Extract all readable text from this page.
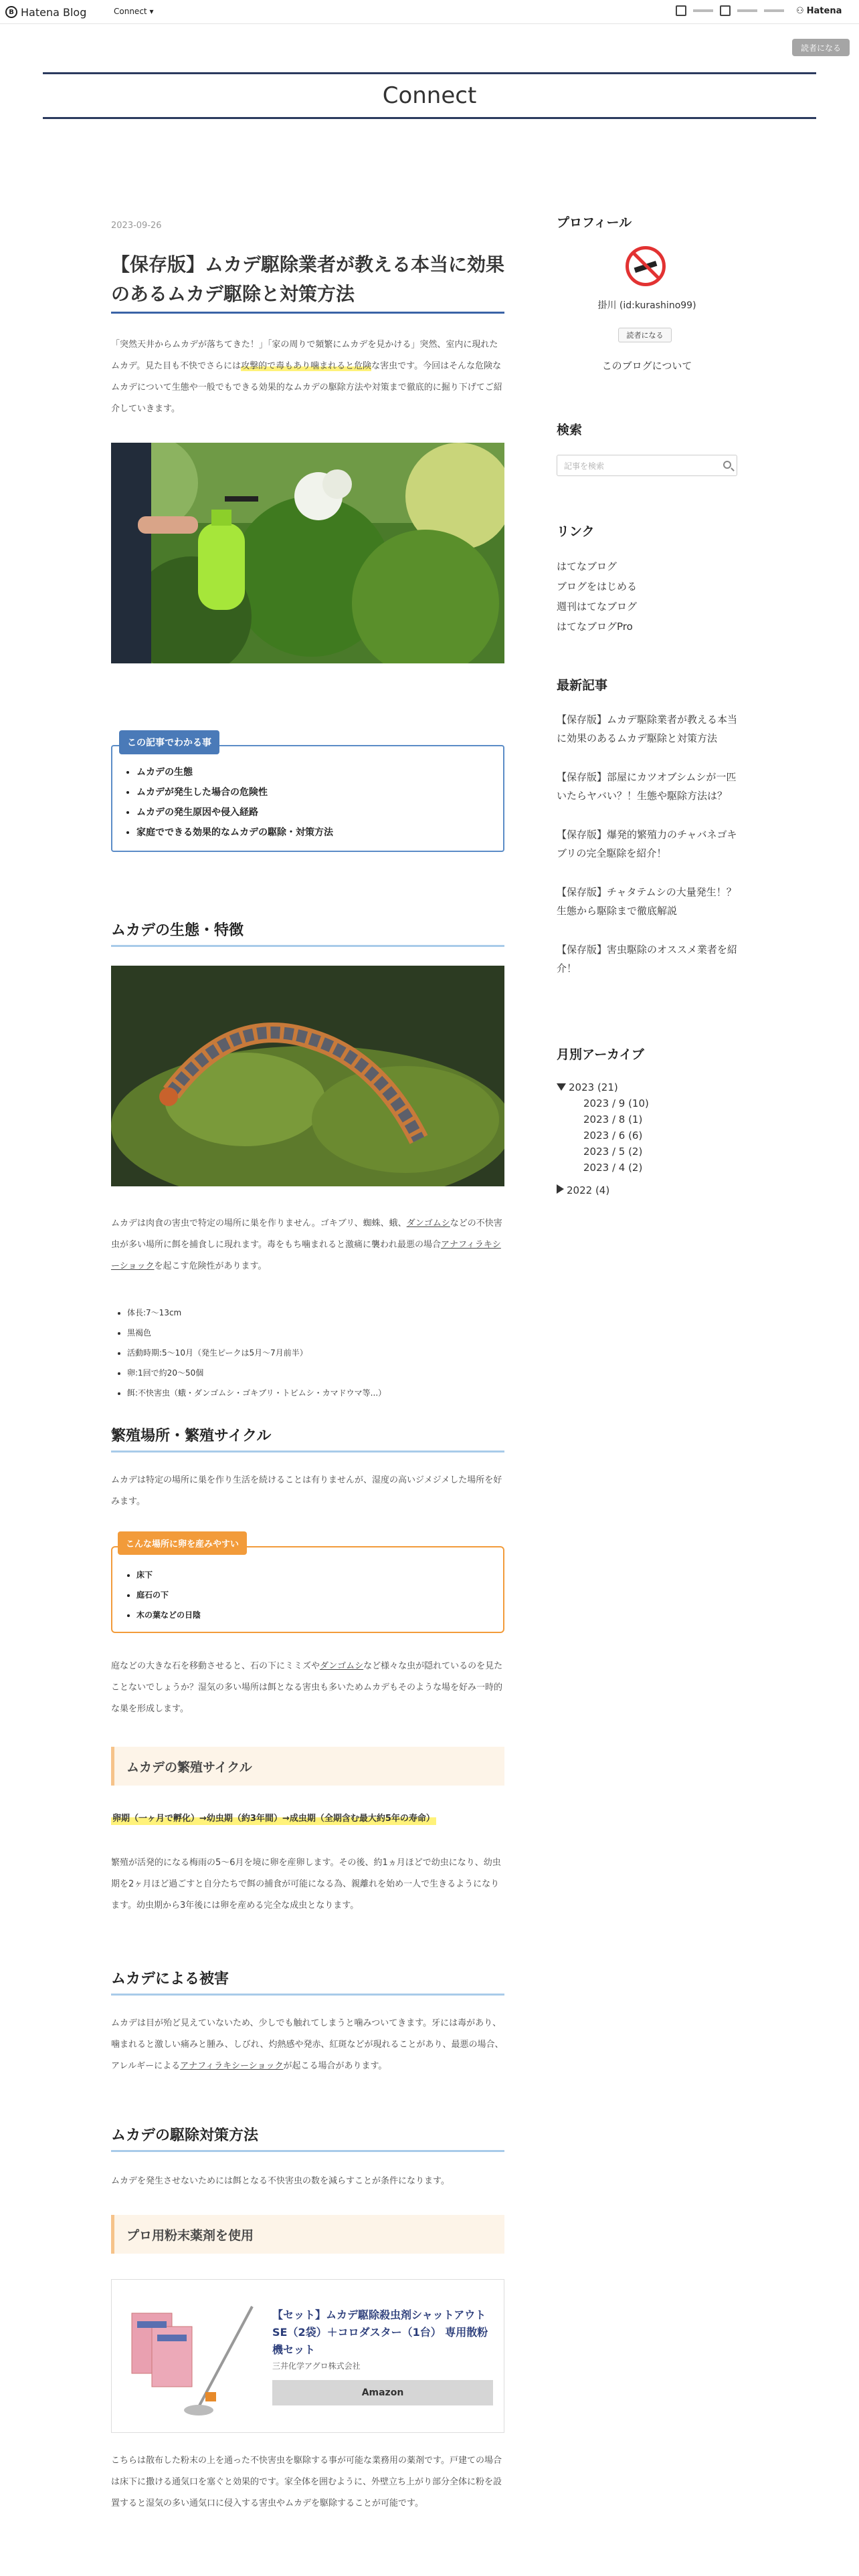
B Hatena Blog	Connect ▾	⚇ Hatena
読者になる
Connect
2023-09-26
【保存版】ムカデ駆除業者が教える本当に効果のあるムカデ駆除と対策方法

「突然天井からムカデが落ちてきた！」「家の周りで頻繁にムカデを見かける」突然、室内に現れたムカデ。見た目も不快でさらには攻撃的で毒もあり噛まれると危険な害虫です。今回はそんな危険なムカデについて生態や一般でもできる効果的なムカデの駆除方法や対策まで徹底的に掘り下げてご紹介していきます。

この記事でわかる事
• ムカデの生態
• ムカデが発生した場合の危険性
• ムカデの発生原因や侵入経路
• 家庭でできる効果的なムカデの駆除・対策方法
ムカデの生態・特徴

ムカデは肉食の害虫で特定の場所に巣を作りません。ゴキブリ、蜘蛛、蛾、ダンゴムシなどの不快害虫が多い場所に餌を捕食しに現れます。毒をもち噛まれると激痛に襲われ最悪の場合アナフィラキシーショックを起こす危険性があります。

• 体長:7〜13cm
• 黒褐色
• 活動時期:5〜10月（発生ピークは5月〜7月前半）
• 卵:1回で約20〜50個
• 餌:不快害虫（蛾・ダンゴムシ・ゴキブリ・トビムシ・カマドウマ等...）
繁殖場所・繁殖サイクル

ムカデは特定の場所に巣を作り生活を続けることは有りませんが、湿度の高いジメジメした場所を好みます。

こんな場所に卵を産みやすい
• 床下
• 庭石の下
• 木の葉などの日陰

庭などの大きな石を移動させると、石の下にミミズやダンゴムシなど様々な虫が隠れているのを見たことないでしょうか？湿気の多い場所は餌となる害虫も多いためムカデもそのような場を好み一時的な巣を形成します。

ムカデの繁殖サイクル
卵期（一ヶ月で孵化）→幼虫期（約3年間）→成虫期（全期含む最大約5年の寿命）

繁殖が活発的になる梅雨の5〜6月を境に卵を産卵します。その後、約1ヵ月ほどで幼虫になり、幼虫期を2ヶ月ほど過ごすと自分たちで餌の捕食が可能になる為、親離れを始め一人で生きるようになります。幼虫期から3年後には卵を産める完全な成虫となります。

ムカデによる被害

ムカデは目が殆ど見えていないため、少しでも触れてしまうと噛みついてきます。牙には毒があり、噛まれると激しい痛みと腫み、しびれ、灼熱感や発赤、紅斑などが現れることがあり、最悪の場合、アレルギーによるアナフィラキシーショックが起こる場合があります。

ムカデの駆除対策方法

ムカデを発生させないためには餌となる不快害虫の数を減らすことが条件になります。

プロ用粉末薬剤を使用
【セット】ムカデ駆除殺虫剤シャットアウトSE（2袋）＋コロダスター（1台） 専用散粉機セット
三井化学アグロ株式会社
Amazon

こちらは散布した粉末の上を通った不快害虫を駆除する事が可能な業務用の薬剤です。戸建ての場合は床下に撒ける通気口を塞ぐと効果的です。家全体を囲むように、外壁立ち上がり部分全体に粉を設置すると湿気の多い通気口に侵入する害虫やムカデを駆除することが可能です。

プロフィール
掛川 (id:kurashino99)
読者になる
このブログについて
検索
記事を検索
リンク
はてなブログ
ブログをはじめる
週刊はてなブログ
はてなブログPro
最新記事
【保存版】ムカデ駆除業者が教える本当に効果のあるムカデ駆除と対策方法
【保存版】部屋にカツオブシムシが一匹いたらヤバい？！生態や駆除方法は？
【保存版】爆発的繁殖力のチャバネゴキブリの完全駆除を紹介！
【保存版】チャタテムシの大量発生！？生態から駆除まで徹底解説
【保存版】害虫駆除のオススメ業者を紹介！
月別アーカイブ
2023 (21)
2023 / 9 (10)
2023 / 8 (1)
2023 / 6 (6)
2023 / 5 (2)
2023 / 4 (2)
2022 (4)
